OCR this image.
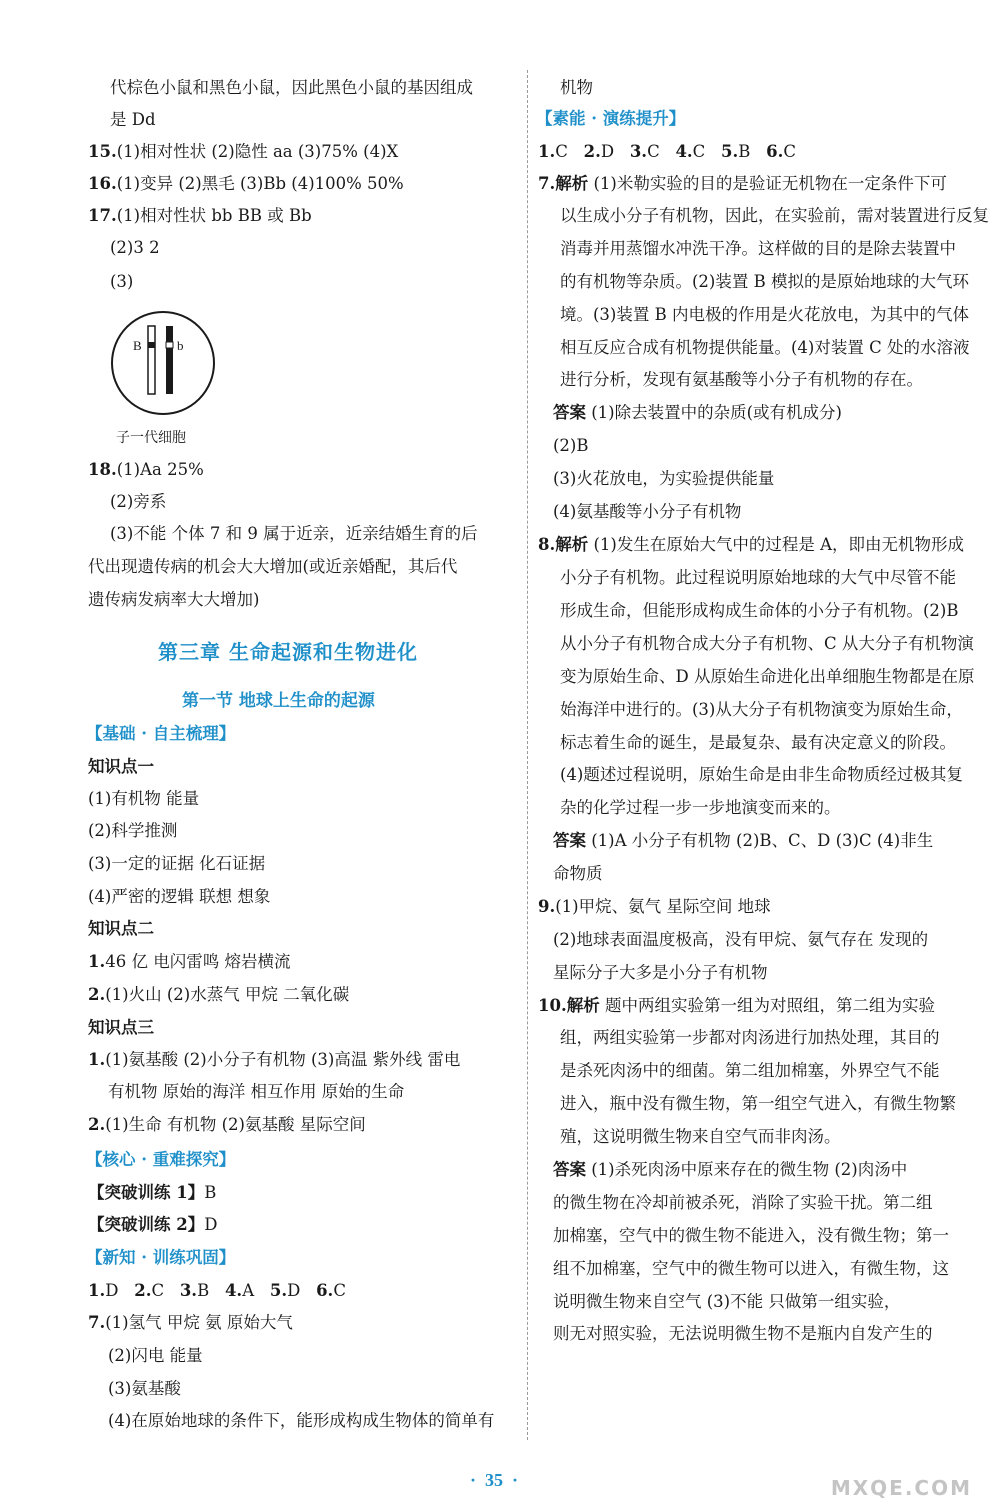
代棕色小鼠和黑色小鼠，因此黑色小鼠的基因组成
是 Dd
15.(1)相对性状 (2)隐性 aa (3)75% (4)X
16.(1)变异 (2)黑毛 (3)Bb (4)100% 50%
17.(1)相对性状 bb BB 或 Bb
(2)3 2
(3)
B	b
子一代细胞
18.(1)Aa 25%
(2)旁系
(3)不能 个体 7 和 9 属于近亲，近亲结婚生育的后
代出现遗传病的机会大大增加(或近亲婚配，其后代
遗传病发病率大大增加)
第三章 生命起源和生物进化
第一节 地球上生命的起源
【基础 · 自主梳理】
知识点一
(1)有机物 能量
(2)科学推测
(3)一定的证据 化石证据
(4)严密的逻辑 联想 想象
知识点二
1.46 亿 电闪雷鸣 熔岩横流
2.(1)火山 (2)水蒸气 甲烷 二氧化碳
知识点三
1.(1)氨基酸 (2)小分子有机物 (3)高温 紫外线 雷电
有机物 原始的海洋 相互作用 原始的生命
2.(1)生命 有机物 (2)氨基酸 星际空间
【核心 · 重难探究】
【突破训练 1】B
【突破训练 2】D
【新知 · 训练巩固】
1.D 2.C 3.B 4.A 5.D 6.C
7.(1)氢气 甲烷 氨 原始大气
(2)闪电 能量
(3)氨基酸
(4)在原始地球的条件下，能形成构成生物体的简单有
机物
【素能 · 演练提升】
1.C 2.D 3.C 4.C 5.B 6.C
7.解析 (1)米勒实验的目的是验证无机物在一定条件下可
以生成小分子有机物，因此，在实验前，需对装置进行反复
消毒并用蒸馏水冲洗干净。这样做的目的是除去装置中
的有机物等杂质。(2)装置 B 模拟的是原始地球的大气环
境。(3)装置 B 内电极的作用是火花放电，为其中的气体
相互反应合成有机物提供能量。(4)对装置 C 处的水溶液
进行分析，发现有氨基酸等小分子有机物的存在。
答案 (1)除去装置中的杂质(或有机成分)
(2)B
(3)火花放电，为实验提供能量
(4)氨基酸等小分子有机物
8.解析 (1)发生在原始大气中的过程是 A，即由无机物形成
小分子有机物。此过程说明原始地球的大气中尽管不能
形成生命，但能形成构成生命体的小分子有机物。(2)B
从小分子有机物合成大分子有机物、C 从大分子有机物演
变为原始生命、D 从原始生命进化出单细胞生物都是在原
始海洋中进行的。(3)从大分子有机物演变为原始生命，
标志着生命的诞生，是最复杂、最有决定意义的阶段。
(4)题述过程说明，原始生命是由非生命物质经过极其复
杂的化学过程一步一步地演变而来的。
答案 (1)A 小分子有机物 (2)B、C、D (3)C (4)非生
命物质
9.(1)甲烷、氨气 星际空间 地球
(2)地球表面温度极高，没有甲烷、氨气存在 发现的
星际分子大多是小分子有机物
10.解析 题中两组实验第一组为对照组，第二组为实验
组，两组实验第一步都对肉汤进行加热处理，其目的
是杀死肉汤中的细菌。第二组加棉塞，外界空气不能
进入，瓶中没有微生物，第一组空气进入，有微生物繁
殖，这说明微生物来自空气而非肉汤。
答案 (1)杀死肉汤中原来存在的微生物 (2)肉汤中
的微生物在冷却前被杀死，消除了实验干扰。第二组
加棉塞，空气中的微生物不能进入，没有微生物；第一
组不加棉塞，空气中的微生物可以进入，有微生物，这
说明微生物来自空气 (3)不能 只做第一组实验，
则无对照实验，无法说明微生物不是瓶内自发产生的
·  35  ·	MXQE.COM
